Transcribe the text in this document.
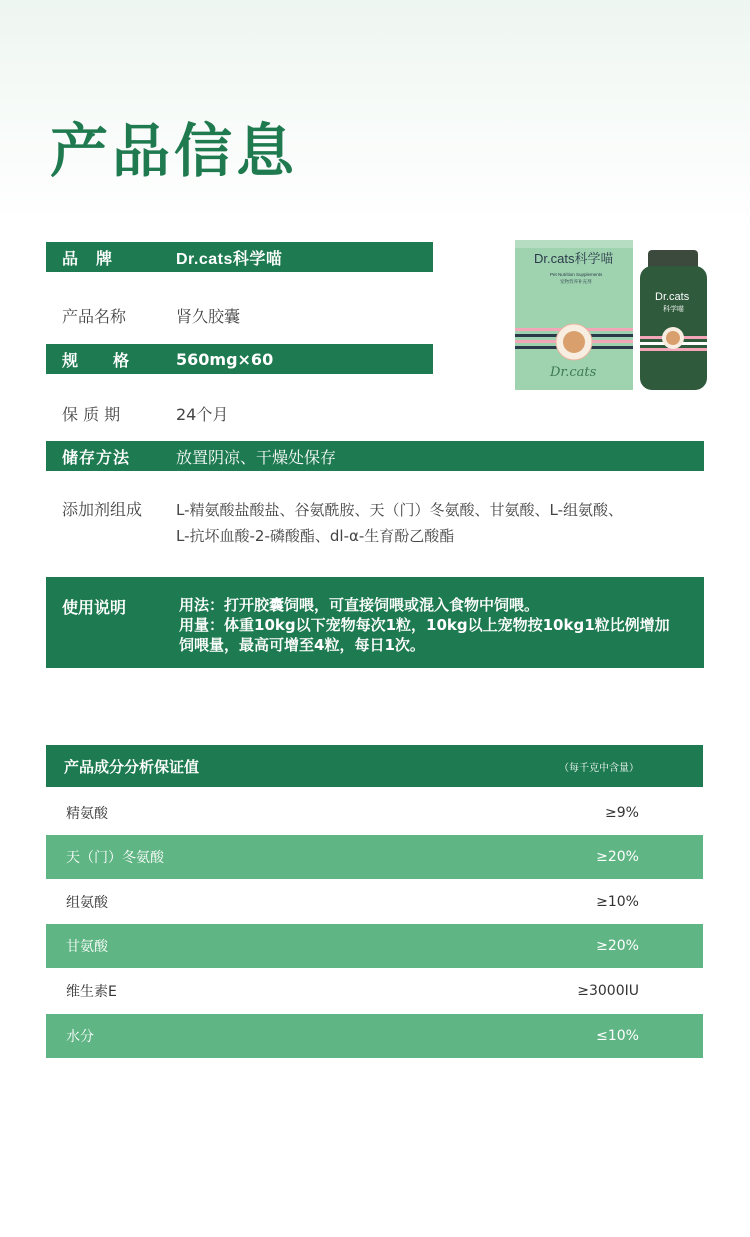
产品信息
品　牌	Dr.cats科学喵
产品名称	肾久胶囊
规　　格	560mg×60
保 质 期	24个月
储存方法	放置阴凉、干燥处保存
添加剂组成	L-精氨酸盐酸盐、谷氨酰胺、天（门）冬氨酸、甘氨酸、L-组氨酸、
L-抗坏血酸-2-磷酸酯、dl-α-生育酚乙酸酯
Dr.cats科学喵
Pet Nutrition Supplements
宠物营养补充剂
Dr.cats
Dr.cats
科学喵
使用说明	用法：打开胶囊饲喂，可直接饲喂或混入食物中饲喂。
用量：体重10kg以下宠物每次1粒，10kg以上宠物按10kg1粒比例增加
饲喂量，最高可增至4粒，每日1次。
产品成分分析保证值	（每千克中含量）
精氨酸	≥9%
天（门）冬氨酸	≥20%
组氨酸	≥10%
甘氨酸	≥20%
维生素E	≥3000IU
水分	≤10%
